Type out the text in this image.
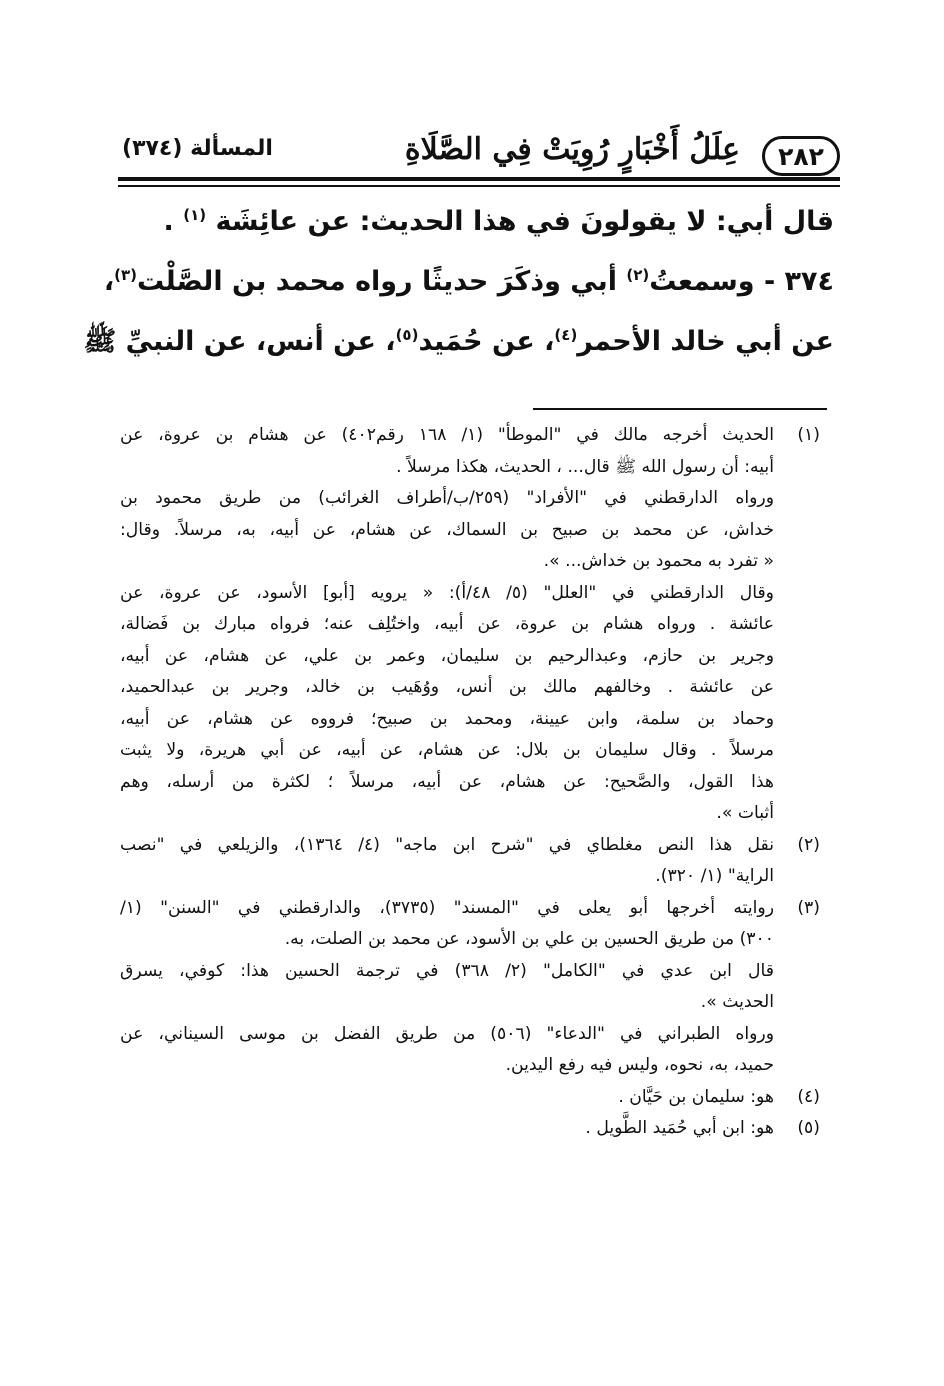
٢٨٢
عِلَلُ أَخْبَارٍ رُوِيَتْ فِي الصَّلَاةِ
المسألة (٣٧٤)

قال أبي: لا يقولونَ في هذا الحديث: عن عائِشَة $^{(١)}$ .

٣٧٤ - وسمعتُ$^{(٢)}$ أبي وذكَرَ حديثًا رواه محمد بن الصَّلْت$^{(٣)}$،

عن أبي خالد الأحمر$^{(٤)}$، عن حُمَيد$^{(٥)}$، عن أنس، عن النبيِّ ﷺ

(١)
الحديث أخرجه مالك في "الموطأ" (١/ ١٦٨ رقم٤٠٢) عن هشام بن عروة، عن
أبيه: أن رسول الله ﷺ قال... ، الحديث، هكذا مرسلاً .
ورواه الدارقطني في "الأفراد" (٢٥٩/ب/أطراف الغرائب) من طريق محمود بن
خداش، عن محمد بن صبيح بن السماك، عن هشام، عن أبيه، به، مرسلاً. وقال:
« تفرد به محمود بن خداش... ».
وقال الدارقطني في "العلل" (٥/ ٤٨/أ): « يرويه [أبو] الأسود، عن عروة، عن
عائشة . ورواه هشام بن عروة، عن أبيه، واختُلِف عنه؛ فرواه مبارك بن فَضالة،
وجرير بن حازم، وعبدالرحيم بن سليمان، وعمر بن علي، عن هشام، عن أبيه،
عن عائشة . وخالفهم مالك بن أنس، ووُهَيب بن خالد، وجرير بن عبدالحميد،
وحماد بن سلمة، وابن عيينة، ومحمد بن صبيح؛ فرووه عن هشام، عن أبيه،
مرسلاً . وقال سليمان بن بلال: عن هشام، عن أبيه، عن أبي هريرة، ولا يثبت
هذا القول، والصَّحيح: عن هشام، عن أبيه، مرسلاً ؛ لكثرة من أرسله، وهم
أثبات ».
(٢)
نقل هذا النص مغلطاي في "شرح ابن ماجه" (٤/ ١٣٦٤)، والزيلعي في "نصب
الراية" (١/ ٣٢٠).
(٣)
روايته أخرجها أبو يعلى في "المسند" (٣٧٣٥)، والدارقطني في "السنن" (١/
٣٠٠) من طريق الحسين بن علي بن الأسود، عن محمد بن الصلت، به.
قال ابن عدي في "الكامل" (٢/ ٣٦٨) في ترجمة الحسين هذا: كوفي، يسرق
الحديث ».
ورواه الطبراني في "الدعاء" (٥٠٦) من طريق الفضل بن موسى السيناني، عن
حميد، به، نحوه، وليس فيه رفع اليدين.
(٤)
هو: سليمان بن حَيَّان .
(٥)
هو: ابن أبي حُمَيد الطَّويل .
